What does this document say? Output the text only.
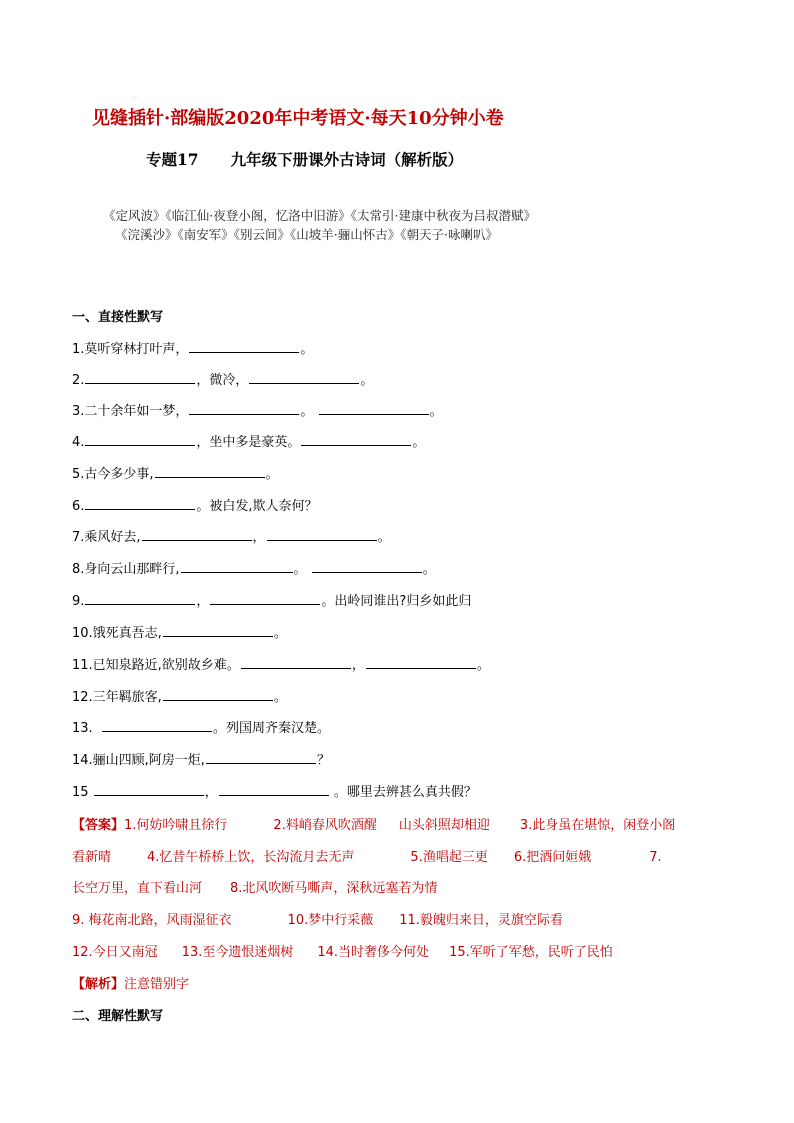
见缝插针·部编版2020年中考语文·每天10分钟小卷
专题17 九年级下册课外古诗词（解析版）
《定风波》《临江仙·夜登小阁，忆洛中旧游》《太常引·建康中秋夜为吕叔潜赋》
《浣溪沙》《南安军》《别云间》《山坡羊·骊山怀古》《朝天子·咏喇叭》
一、直接性默写
1.莫听穿林打叶声，	。
2.	，微冷，	。
3.二十余年如一梦，	。	。
4.	，坐中多是豪英。	。
5.古今多少事,	。
6.	。被白发,欺人奈何？
7.乘风好去,	，	。
8.身向云山那畔行,	。	。
9.	，	。出岭同谁出?归乡如此归
10.饿死真吾志,	。
11.已知泉路近,欲别故乡难。	，	。
12.三年羁旅客,	。
13.	。列国周齐秦汉楚。
14.骊山四顾,阿房一炬,	？
15	，	。哪里去辨甚么真共假？
【答案】1.何妨吟啸且徐行	2.料峭春风吹酒醒 山头斜照却相迎 3.此身虽在堪惊，闲登小阁
看新晴	4.忆昔午桥桥上饮，长沟流月去无声	5.渔唱起三更 6.把酒问姮娥	7.
长空万里，直下看山河 8.北风吹断马嘶声，深秋远塞若为情
9. 梅花南北路，风雨湿征衣	10.梦中行采薇 11.毅魄归来日，灵旗空际看
12.今日又南冠 13.至今遗恨迷烟树 14.当时奢侈今何处 15.军听了军愁，民听了民怕
【解析】注意错别字
二、理解性默写
